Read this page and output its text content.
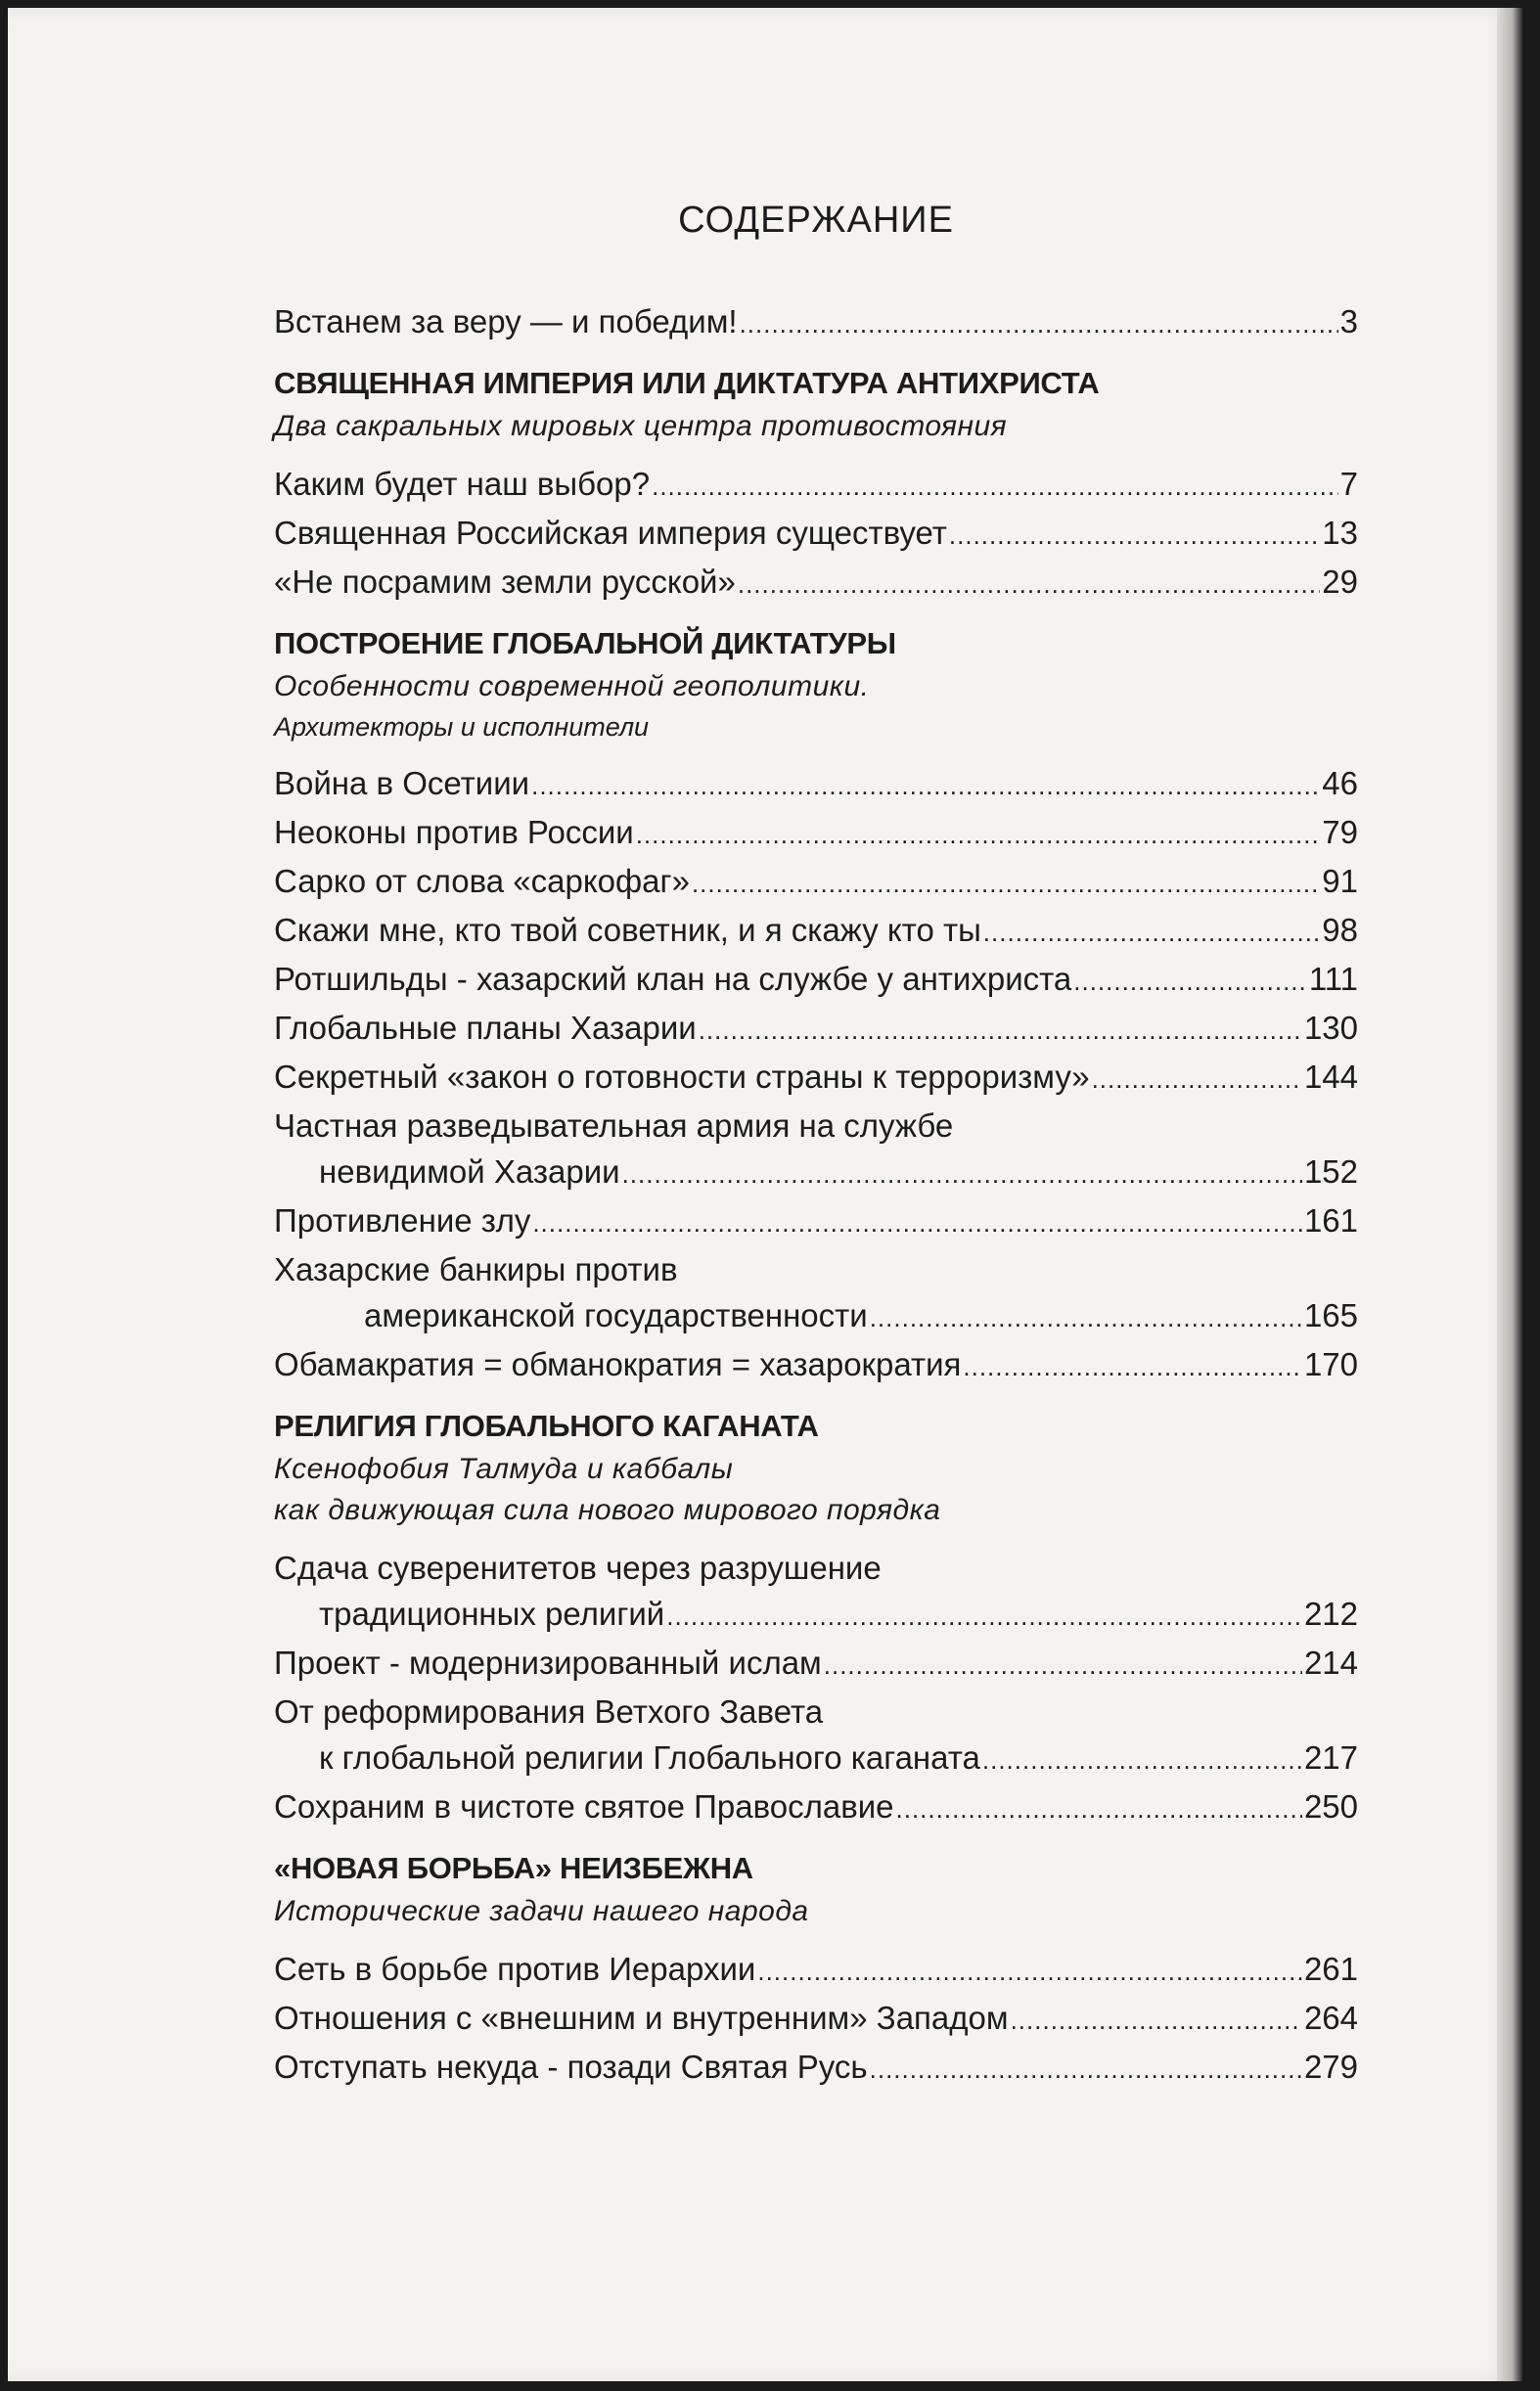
СОДЕРЖАНИЕ
Встанем за веру — и победим! .....	3
СВЯЩЕННАЯ ИМПЕРИЯ ИЛИ ДИКТАТУРА АНТИХРИСТА
Два сакральных мировых центра противостояния
Каким будет наш выбор? .....	7
Священная Российская империя существует .....	13
«Не посрамим земли русской» .....	29
ПОСТРОЕНИЕ ГЛОБАЛЬНОЙ ДИКТАТУРЫ
Особенности современной геополитики.
Архитекторы и исполнители
Война в Осетиии .....	46
Неоконы против России .....	79
Сарко от слова «саркофаг» .....	91
Скажи мне, кто твой советник, и я скажу кто ты .....	98
Ротшильды - хазарский клан на службе у антихриста .....	111
Глобальные планы Хазарии .....	130
Секретный «закон о готовности страны к терроризму» .....	144
Частная разведывательная армия на службе
невидимой Хазарии .....	152
Противление злу .....	161
Хазарские банкиры против
американской государственности .....	165
Обамакратия = обманократия = хазарократия .....	170
РЕЛИГИЯ ГЛОБАЛЬНОГО КАГАНАТА
Ксенофобия Талмуда и каббалы
как движующая сила нового мирового порядка
Сдача суверенитетов через разрушение
традиционных религий .....	212
Проект - модернизированный ислам .....	214
От реформирования Ветхого Завета
к глобальной религии Глобального каганата .....	217
Сохраним в чистоте святое Православие .....	250
«НОВАЯ БОРЬБА» НЕИЗБЕЖНА
Исторические задачи нашего народа
Сеть в борьбе против Иерархии .....	261
Отношения с «внешним и внутренним» Западом .....	264
Отступать некуда - позади Святая Русь .....	279
